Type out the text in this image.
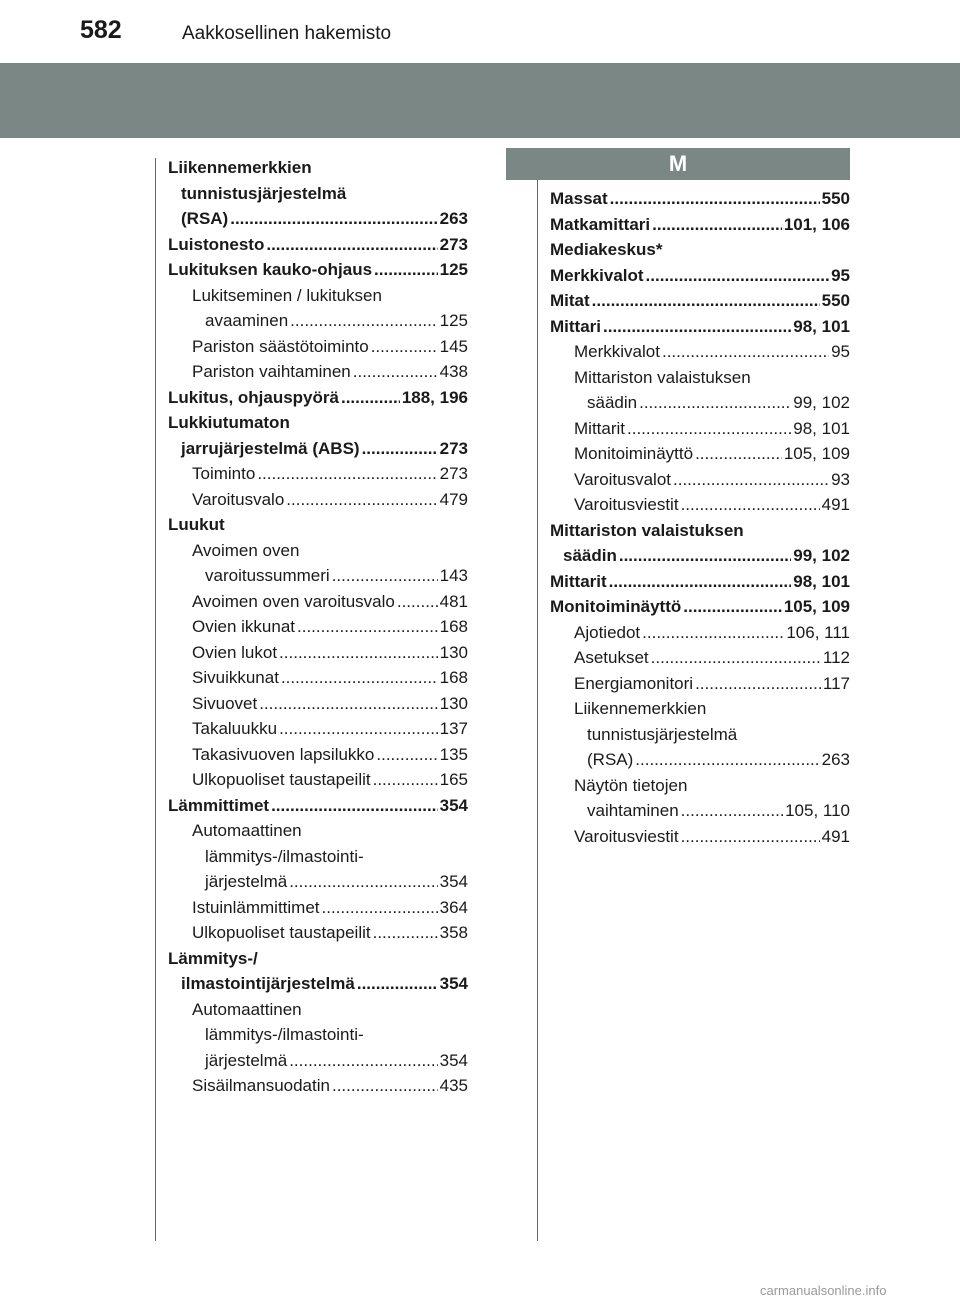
582	Aakkosellinen hakemisto
Liikennemerkkien
tunnistusjärjestelmä
(RSA) .....	263
Luistonesto .....	273
Lukituksen kauko-ohjaus .....	125
Lukitseminen / lukituksen
avaaminen .....	125
Pariston säästötoiminto .....	145
Pariston vaihtaminen .....	438
Lukitus, ohjauspyörä .....	188, 196
Lukkiutumaton
jarrujärjestelmä (ABS) .....	273
Toiminto .....	273
Varoitusvalo .....	479
Luukut
Avoimen oven
varoitussummeri .....	143
Avoimen oven varoitusvalo .....	481
Ovien ikkunat .....	168
Ovien lukot .....	130
Sivuikkunat .....	168
Sivuovet .....	130
Takaluukku .....	137
Takasivuoven lapsilukko .....	135
Ulkopuoliset taustapeilit .....	165
Lämmittimet .....	354
Automaattinen
lämmitys-/ilmastointi-
järjestelmä .....	354
Istuinlämmittimet .....	364
Ulkopuoliset taustapeilit .....	358
Lämmitys-/
ilmastointijärjestelmä .....	354
Automaattinen
lämmitys-/ilmastointi-
järjestelmä .....	354
Sisäilmansuodatin .....	435
M
Massat .....	550
Matkamittari .....	101, 106
Mediakeskus*
Merkkivalot .....	95
Mitat .....	550
Mittari .....	98, 101
Merkkivalot .....	95
Mittariston valaistuksen
säädin .....	99, 102
Mittarit .....	98, 101
Monitoiminäyttö .....	105, 109
Varoitusvalot .....	93
Varoitusviestit .....	491
Mittariston valaistuksen
säädin .....	99, 102
Mittarit .....	98, 101
Monitoiminäyttö .....	105, 109
Ajotiedot .....	106, 111
Asetukset .....	112
Energiamonitori .....	117
Liikennemerkkien
tunnistusjärjestelmä
(RSA) .....	263
Näytön tietojen
vaihtaminen .....	105, 110
Varoitusviestit .....	491
carmanualsonline.info
